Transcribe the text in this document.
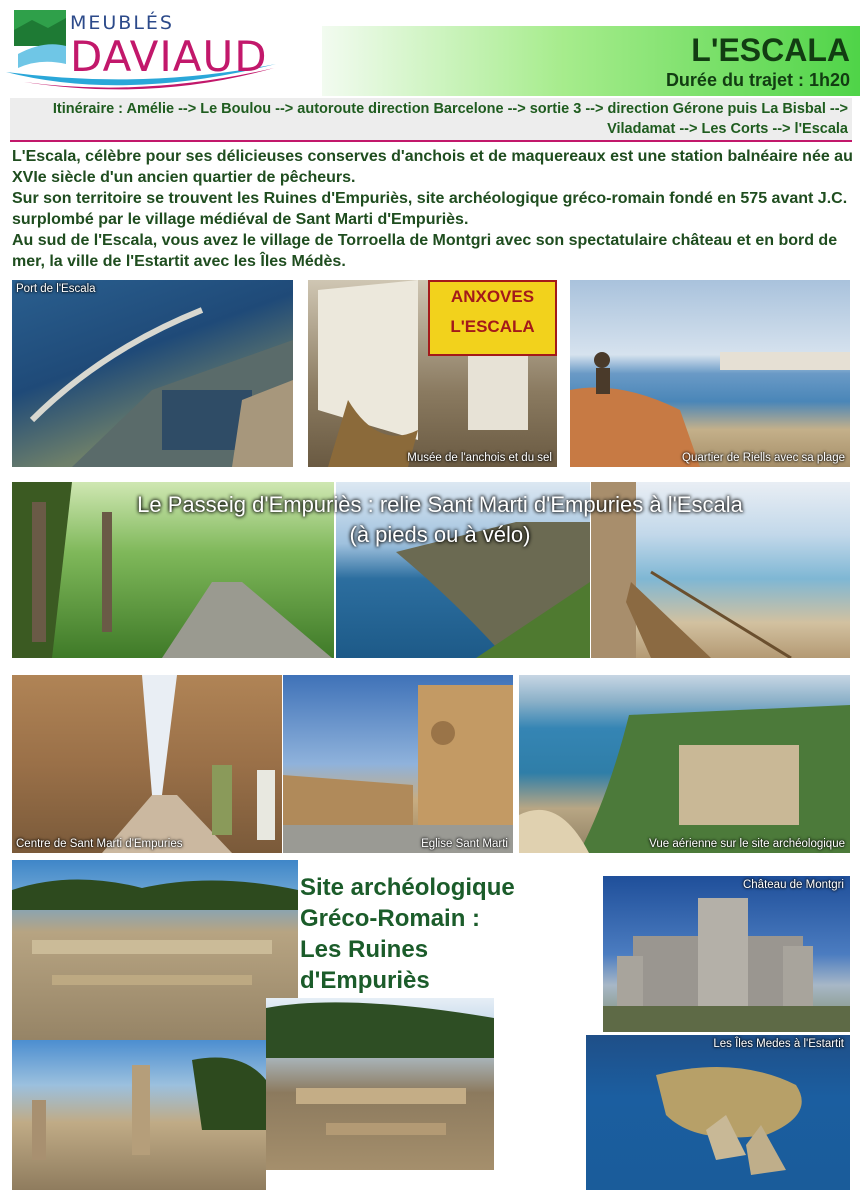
MEUBLÉS
DAVIAUD	L'ESCALA
Durée du trajet : 1h20
Itinéraire : Amélie --> Le Boulou --> autoroute direction Barcelone --> sortie 3 --> direction Gérone puis La Bisbal --> Viladamat --> Les Corts --> l'Escala

L'Escala, célèbre pour ses délicieuses conserves d'anchois et de maquereaux est une station balnéaire née au XVIe siècle d'un ancien quartier de pêcheurs.

Sur son territoire se trouvent les Ruines d'Empuriès, site archéologique gréco-romain fondé en 575 avant J.C. surplombé par le village médiéval de Sant Marti d'Empuriès.

Au sud de l'Escala, vous avez le village de Torroella de Montgri avec son spectatulaire château et en bord de mer, la ville de l'Estartit avec les Îles Médès.

Port de l'Escala	ANXOVES
L'ESCALA
Musée de l'anchois et du sel	Quartier de Riells avec sa plage
Le Passeig d'Empuriès : relie Sant Marti d'Empuries à l'Escala
(à pieds ou à vélo)
Centre de Sant Marti d'Empuries	Eglise Sant Marti	Vue aérienne sur le site archéologique
Site archéologique
Gréco-Romain :
Les Ruines
d'Empuriès
Château de Montgri
Les Îles Medes à l'Estartit
